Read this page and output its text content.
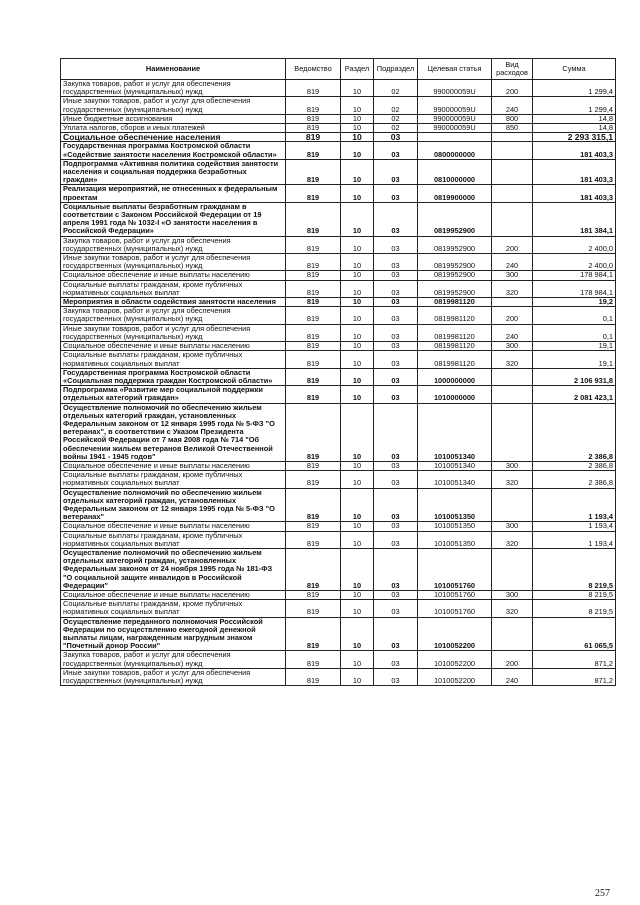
Наименование	Ведомство	Раздел	Подраздел	Целевая статья	Вид расходов	Сумма
Закупка товаров, работ и услуг для обеспечения государственных (муниципальных) нужд	819	10	02	990000059U	200	1 299,4
Иные закупки товаров, работ и услуг для обеспечения государственных (муниципальных) нужд	819	10	02	990000059U	240	1 299,4
Иные бюджетные ассигнования	819	10	02	990000059U	800	14,8
Уплата налогов, сборов и иных платежей	819	10	02	990000059U	850	14,8
Социальное обеспечение населения	819	10	03			2 293 315,1
Государственная программа Костромской области «Содействие занятости населения Костромской области»	819	10	03	0800000000		181 403,3
Подпрограмма «Активная политика содействия занятости населения и социальная поддержка безработных граждан»	819	10	03	0810000000		181 403,3
Реализация мероприятий, не отнесенных к федеральным проектам	819	10	03	0819900000		181 403,3
Социальные выплаты безработным гражданам в соответствии с Законом Российской Федерации от 19 апреля 1991 года № 1032-I «О занятости населения в Российской Федерации»	819	10	03	0819952900		181 384,1
Закупка товаров, работ и услуг для обеспечения государственных (муниципальных) нужд	819	10	03	0819952900	200	2 400,0
Иные закупки товаров, работ и услуг для обеспечения государственных (муниципальных) нужд	819	10	03	0819952900	240	2 400,0
Социальное обеспечение и иные выплаты населению	819	10	03	0819952900	300	178 984,1
Социальные выплаты гражданам, кроме публичных нормативных социальных выплат	819	10	03	0819952900	320	178 984,1
Мероприятия в области содействия занятости населения	819	10	03	0819981120		19,2
Закупка товаров, работ и услуг для обеспечения государственных (муниципальных) нужд	819	10	03	0819981120	200	0,1
Иные закупки товаров, работ и услуг для обеспечения государственных (муниципальных) нужд	819	10	03	0819981120	240	0,1
Социальное обеспечение и иные выплаты населению	819	10	03	0819981120	300	19,1
Социальные выплаты гражданам, кроме публичных нормативных социальных выплат	819	10	03	0819981120	320	19,1
Государственная программа Костромской области «Социальная поддержка граждан Костромской области»	819	10	03	1000000000		2 106 931,8
Подпрограмма «Развитие мер социальной поддержки отдельных категорий граждан»	819	10	03	1010000000		2 081 423,1
Осуществление полномочий по обеспечению жильем отдельных категорий граждан, установленных Федеральным законом от 12 января 1995 года № 5-ФЗ "О ветеранах", в соответствии с Указом Президента Российской Федерации от 7 мая 2008 года № 714 "Об обеспечении жильем ветеранов Великой Отечественной войны 1941 - 1945 годов"	819	10	03	1010051340		2 386,8
Социальное обеспечение и иные выплаты населению	819	10	03	1010051340	300	2 386,8
Социальные выплаты гражданам, кроме публичных нормативных социальных выплат	819	10	03	1010051340	320	2 386,8
Осуществление полномочий по обеспечению жильем отдельных категорий граждан, установленных Федеральным законом от 12 января 1995 года № 5-ФЗ "О ветеранах"	819	10	03	1010051350		1 193,4
Социальное обеспечение и иные выплаты населению	819	10	03	1010051350	300	1 193,4
Социальные выплаты гражданам, кроме публичных нормативных социальных выплат	819	10	03	1010051350	320	1 193,4
Осуществление полномочий по обеспечению жильем отдельных категорий граждан, установленных Федеральным законом от 24 ноября 1995 года № 181-ФЗ "О социальной защите инвалидов в Российской Федерации"	819	10	03	1010051760		8 219,5
Социальное обеспечение и иные выплаты населению	819	10	03	1010051760	300	8 219,5
Социальные выплаты гражданам, кроме публичных нормативных социальных выплат	819	10	03	1010051760	320	8 219,5
Осуществление переданного полномочия Российской Федерации по осуществлению ежегодной денежной выплаты лицам, награжденным нагрудным знаком "Почетный донор России"	819	10	03	1010052200		61 065,5
Закупка товаров, работ и услуг для обеспечения государственных (муниципальных) нужд	819	10	03	1010052200	200	871,2
Иные закупки товаров, работ и услуг для обеспечения государственных (муниципальных) нужд	819	10	03	1010052200	240	871,2
257
